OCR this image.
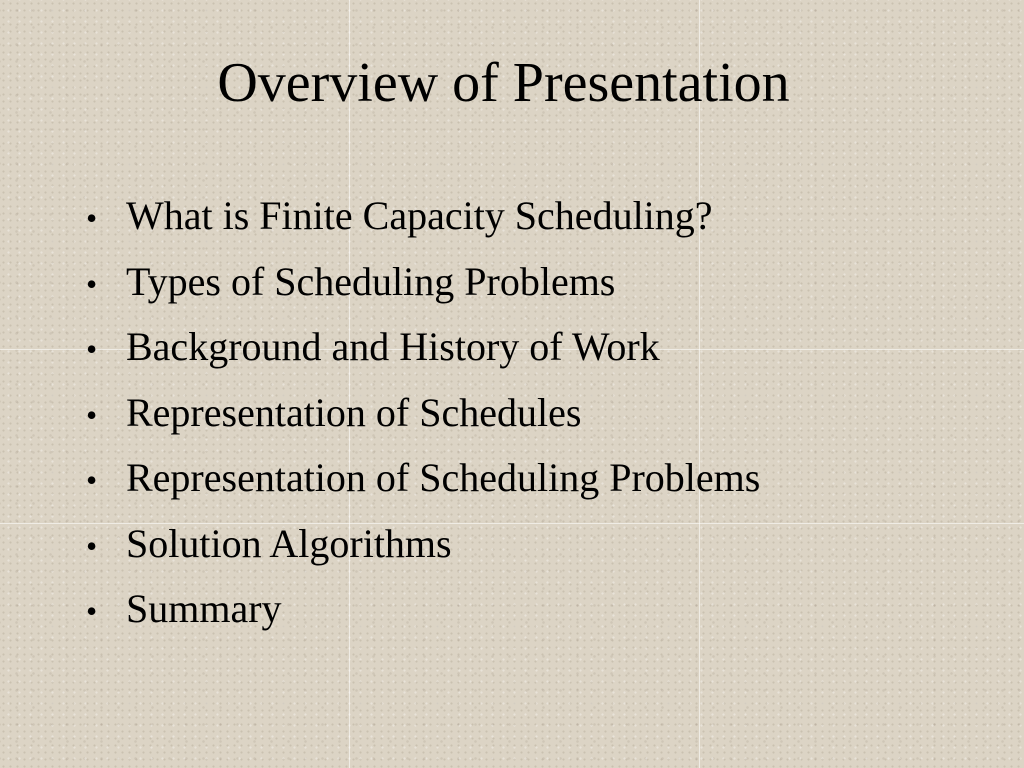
Overview of Presentation
• What is Finite Capacity Scheduling?
• Types of Scheduling Problems
• Background and History of Work
• Representation of Schedules
• Representation of Scheduling Problems
• Solution Algorithms
• Summary
